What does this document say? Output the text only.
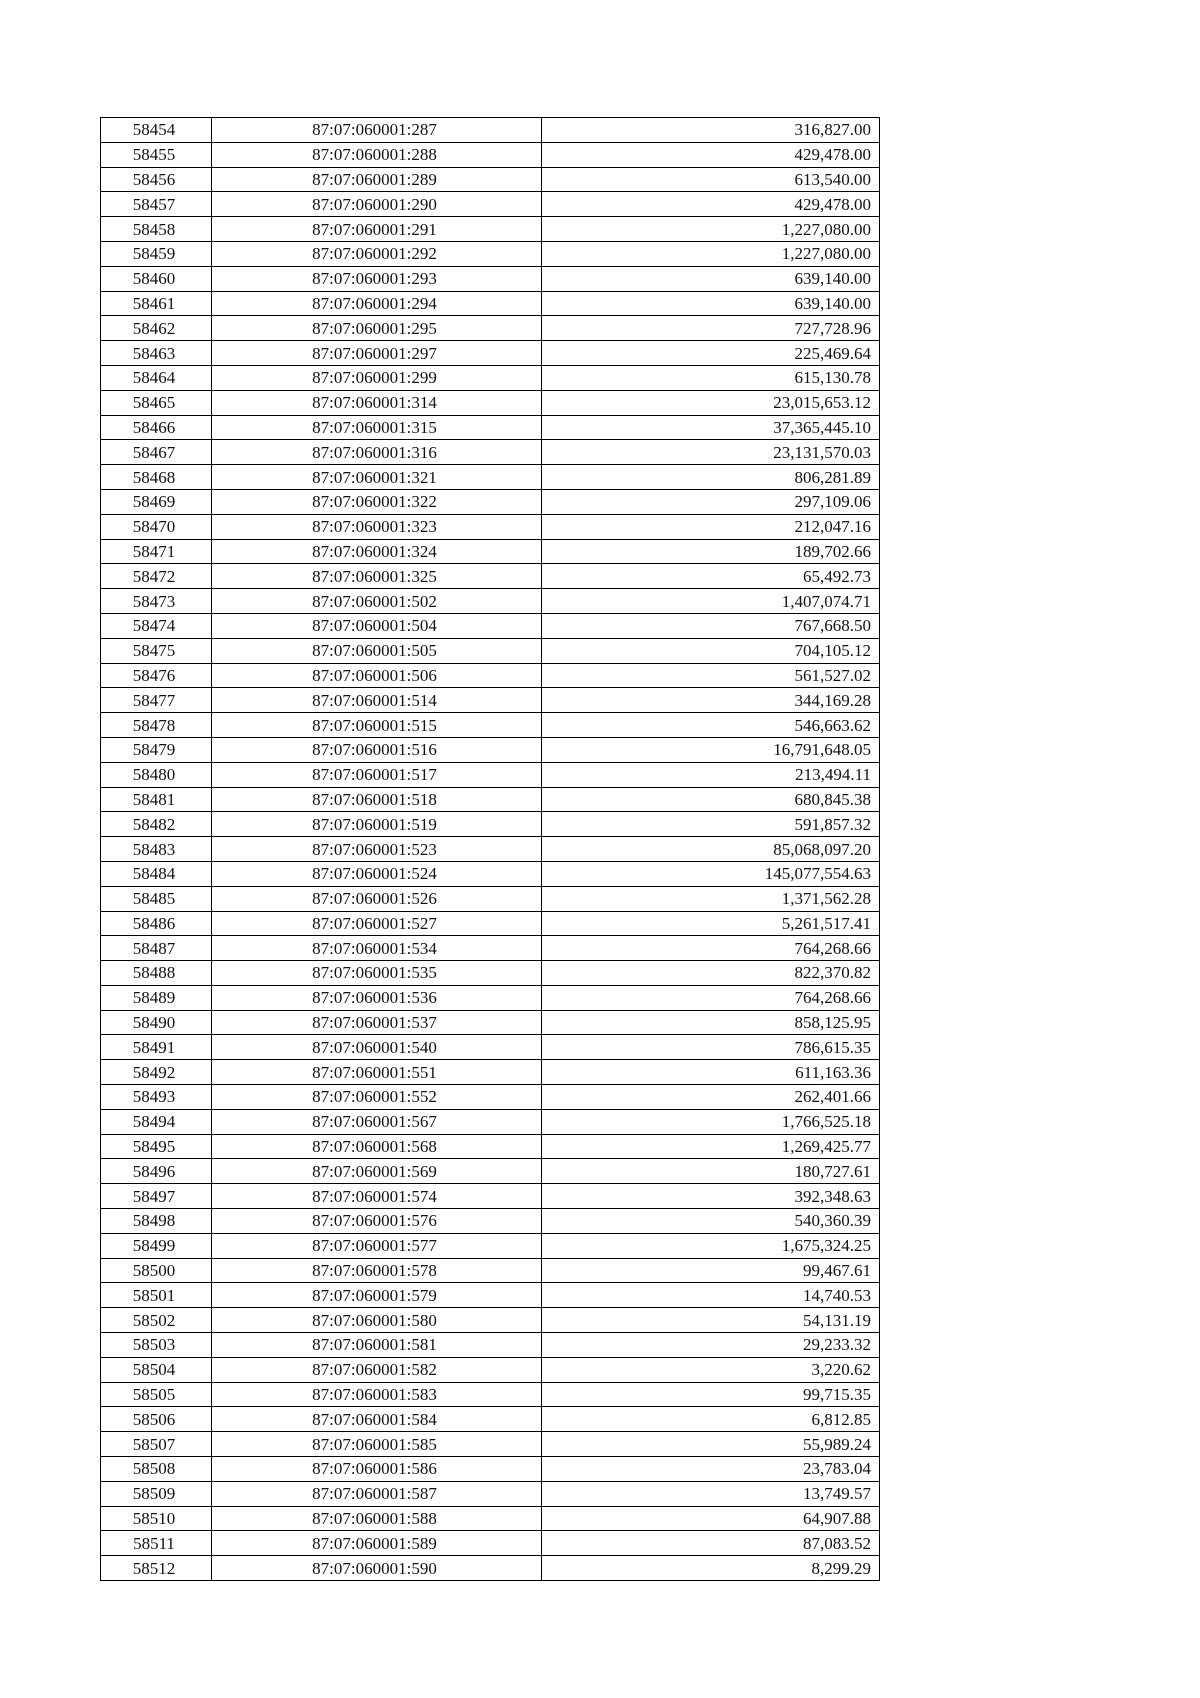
58454	87:07:060001:287	316,827.00
58455	87:07:060001:288	429,478.00
58456	87:07:060001:289	613,540.00
58457	87:07:060001:290	429,478.00
58458	87:07:060001:291	1,227,080.00
58459	87:07:060001:292	1,227,080.00
58460	87:07:060001:293	639,140.00
58461	87:07:060001:294	639,140.00
58462	87:07:060001:295	727,728.96
58463	87:07:060001:297	225,469.64
58464	87:07:060001:299	615,130.78
58465	87:07:060001:314	23,015,653.12
58466	87:07:060001:315	37,365,445.10
58467	87:07:060001:316	23,131,570.03
58468	87:07:060001:321	806,281.89
58469	87:07:060001:322	297,109.06
58470	87:07:060001:323	212,047.16
58471	87:07:060001:324	189,702.66
58472	87:07:060001:325	65,492.73
58473	87:07:060001:502	1,407,074.71
58474	87:07:060001:504	767,668.50
58475	87:07:060001:505	704,105.12
58476	87:07:060001:506	561,527.02
58477	87:07:060001:514	344,169.28
58478	87:07:060001:515	546,663.62
58479	87:07:060001:516	16,791,648.05
58480	87:07:060001:517	213,494.11
58481	87:07:060001:518	680,845.38
58482	87:07:060001:519	591,857.32
58483	87:07:060001:523	85,068,097.20
58484	87:07:060001:524	145,077,554.63
58485	87:07:060001:526	1,371,562.28
58486	87:07:060001:527	5,261,517.41
58487	87:07:060001:534	764,268.66
58488	87:07:060001:535	822,370.82
58489	87:07:060001:536	764,268.66
58490	87:07:060001:537	858,125.95
58491	87:07:060001:540	786,615.35
58492	87:07:060001:551	611,163.36
58493	87:07:060001:552	262,401.66
58494	87:07:060001:567	1,766,525.18
58495	87:07:060001:568	1,269,425.77
58496	87:07:060001:569	180,727.61
58497	87:07:060001:574	392,348.63
58498	87:07:060001:576	540,360.39
58499	87:07:060001:577	1,675,324.25
58500	87:07:060001:578	99,467.61
58501	87:07:060001:579	14,740.53
58502	87:07:060001:580	54,131.19
58503	87:07:060001:581	29,233.32
58504	87:07:060001:582	3,220.62
58505	87:07:060001:583	99,715.35
58506	87:07:060001:584	6,812.85
58507	87:07:060001:585	55,989.24
58508	87:07:060001:586	23,783.04
58509	87:07:060001:587	13,749.57
58510	87:07:060001:588	64,907.88
58511	87:07:060001:589	87,083.52
58512	87:07:060001:590	8,299.29
